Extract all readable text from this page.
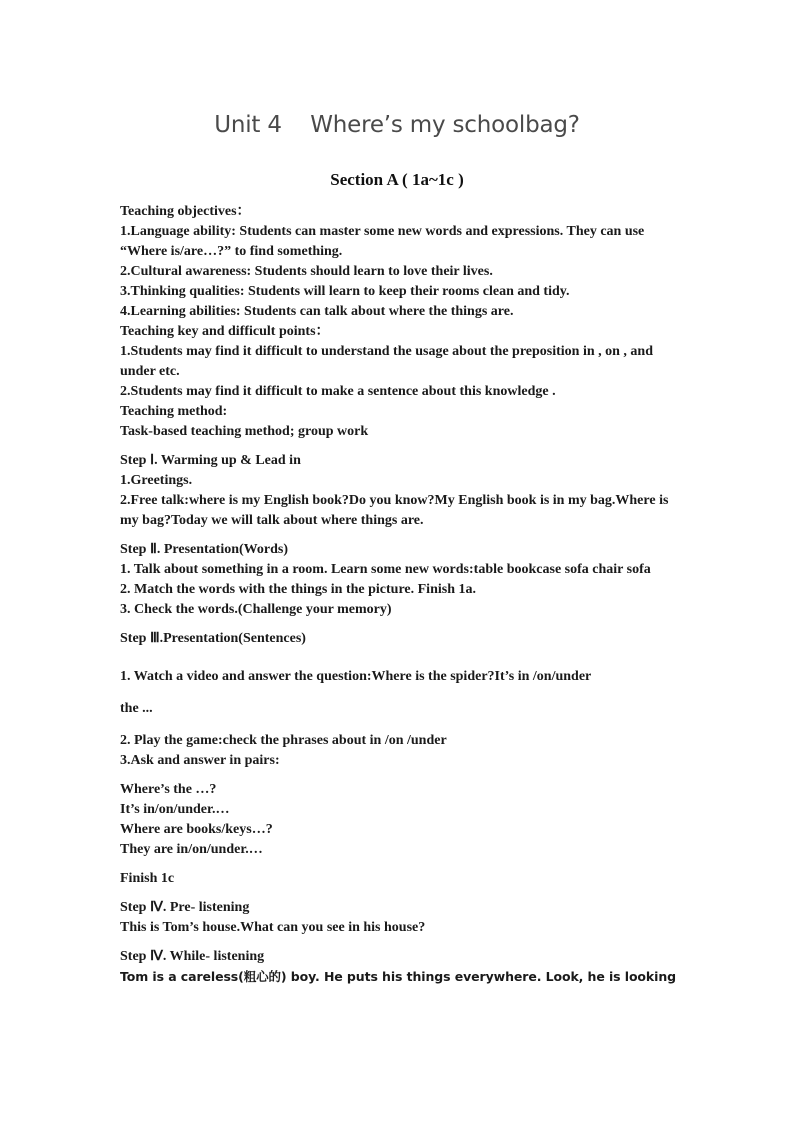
Unit 4    Where’s my schoolbag?
Section A ( 1a~1c )

Teaching objectives：

1.Language ability: Students can master some new words and expressions. They can use “Where is/are…?” to find something.

2.Cultural awareness: Students should learn to love their lives.

3.Thinking qualities: Students will learn to keep their rooms clean and tidy.

4.Learning abilities: Students can talk about where the things are.

Teaching key and difficult points：

1.Students may find it difficult to understand the usage about the preposition in , on , and under etc.

2.Students may find it difficult to make a sentence about this knowledge .

Teaching method:

Task-based teaching method; group work

Step Ⅰ. Warming up & Lead in

1.Greetings.

2.Free talk:where is my English book?Do you know?My English book is in my bag.Where is my bag?Today we will talk about where things are.

Step Ⅱ. Presentation(Words)

1. Talk about something in a room. Learn some new words:table bookcase sofa chair sofa

2. Match the words with the things in the picture. Finish 1a.

3. Check the words.(Challenge your memory)

Step Ⅲ.Presentation(Sentences)

1. Watch a video and answer the question:Where is the spider?It’s in /on/under

the ...

2. Play the game:check the phrases about in /on /under

3.Ask and answer in pairs:

Where’s the …?

It’s in/on/under.…

Where are books/keys…?

They are in/on/under.…

Finish 1c

Step Ⅳ. Pre- listening

This is Tom’s house.What can you see in his house?

Step Ⅳ. While- listening

Tom is a careless(粗心的) boy. He puts his things everywhere. Look, he is looking
